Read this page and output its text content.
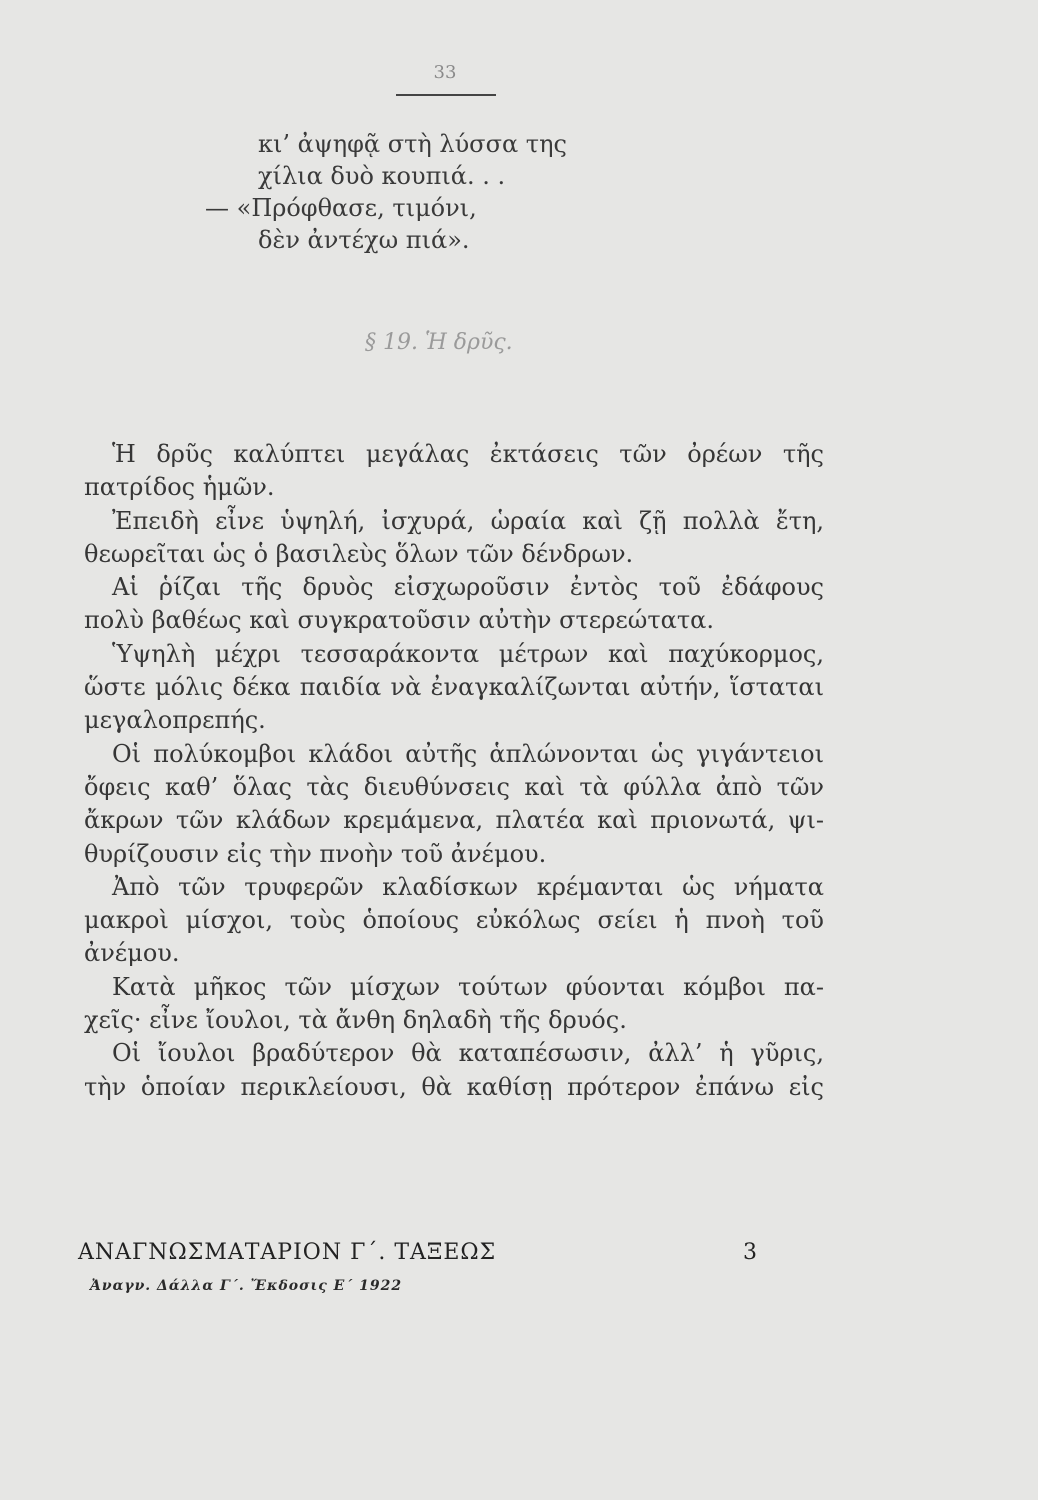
33
κι’ ἀψηφᾷ στὴ λύσσα της
χίλια δυὸ κουπιά. . .
— «Πρόφθασε, τιμόνι,
δὲν ἀντέχω πιά».
§ 19. Ἡ δρῦς.
Ἡ δρῦς καλύπτει μεγάλας ἐκτάσεις τῶν ὀρέων τῆς
πατρίδος ἡμῶν.
Ἐπειδὴ εἶνε ὑψηλή, ἰσχυρά, ὡραία καὶ ζῇ πολλὰ ἔτη,
θεωρεῖται ὡς ὁ βασιλεὺς ὅλων τῶν δένδρων.
Αἱ ῥίζαι τῆς δρυὸς εἰσχωροῦσιν ἐντὸς τοῦ ἐδάφους
πολὺ βαθέως καὶ συγκρατοῦσιν αὐτὴν στερεώτατα.
Ὑψηλὴ μέχρι τεσσαράκοντα μέτρων καὶ παχύκορμος,
ὥστε μόλις δέκα παιδία νὰ ἐναγκαλίζωνται αὐτήν, ἵσταται
μεγαλοπρεπής.
Οἱ πολύκομβοι κλάδοι αὐτῆς ἁπλώνονται ὡς γιγάντειοι
ὄφεις καθ’ ὅλας τὰς διευθύνσεις καὶ τὰ φύλλα ἀπὸ τῶν
ἄκρων τῶν κλάδων κρεμάμενα, πλατέα καὶ πριονωτά, ψι-
θυρίζουσιν εἰς τὴν πνοὴν τοῦ ἀνέμου.
Ἀπὸ τῶν τρυφερῶν κλαδίσκων κρέμανται ὡς νήματα
μακροὶ μίσχοι, τοὺς ὁποίους εὐκόλως σείει ἡ πνοὴ τοῦ
ἀνέμου.
Κατὰ μῆκος τῶν μίσχων τούτων φύονται κόμβοι πα-
χεῖς· εἶνε ἴουλοι, τὰ ἄνθη δηλαδὴ τῆς δρυός.
Οἱ ἴουλοι βραδύτερον θὰ καταπέσωσιν, ἀλλ’ ἡ γῦρις,
τὴν ὁποίαν περικλείουσι, θὰ καθίσῃ πρότερον ἐπάνω εἰς
ΑΝΑΓΝΩΣΜΑΤΑΡΙΟΝ Γ΄. ΤΑΞΕΩΣ	3
Ἀναγν. Δάλλα Γ΄. Ἔκδοσις Ε΄ 1922
